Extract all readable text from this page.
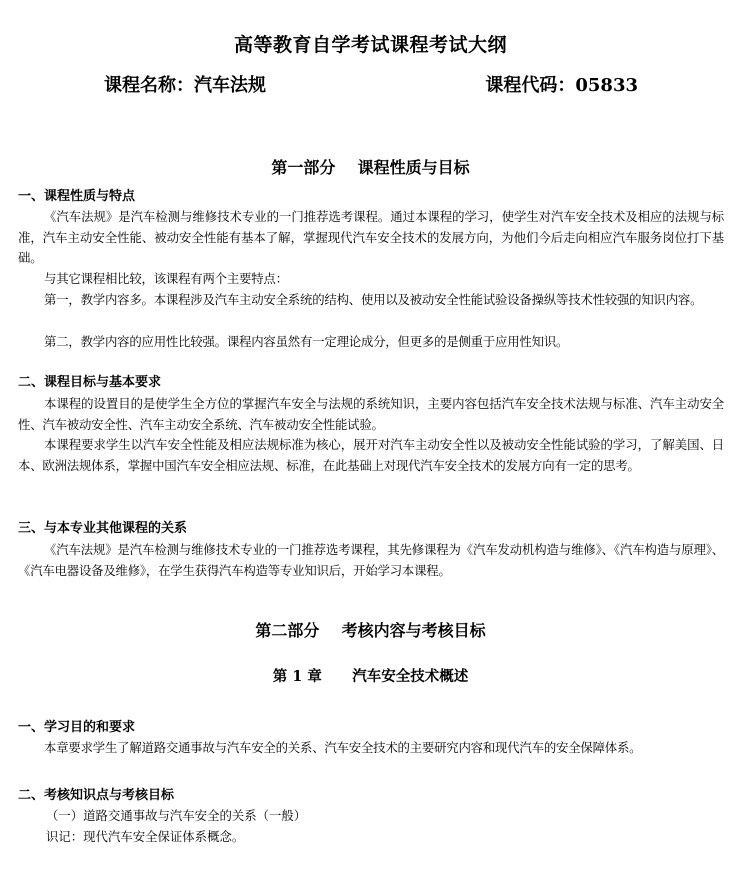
高等教育自学考试课程考试大纲
课程名称：汽车法规	课程代码：05833
第一部分    课程性质与目标
一、课程性质与特点
《汽车法规》是汽车检测与维修技术专业的一门推荐选考课程。通过本课程的学习，使学生对汽车安全技术及相应的法规与标准，汽车主动安全性能、被动安全性能有基本了解，掌握现代汽车安全技术的发展方向，为他们今后走向相应汽车服务岗位打下基础。
与其它课程相比较，该课程有两个主要特点：
第一，教学内容多。本课程涉及汽车主动安全系统的结构、使用以及被动安全性能试验设备操纵等技术性较强的知识内容。
第二，教学内容的应用性比较强。课程内容虽然有一定理论成分，但更多的是侧重于应用性知识。
二、课程目标与基本要求
本课程的设置目的是使学生全方位的掌握汽车安全与法规的系统知识，主要内容包括汽车安全技术法规与标准、汽车主动安全性、汽车被动安全性、汽车主动安全系统、汽车被动安全性能试验。
本课程要求学生以汽车安全性能及相应法规标准为核心，展开对汽车主动安全性以及被动安全性能试验的学习，了解美国、日本、欧洲法规体系，掌握中国汽车安全相应法规、标准，在此基础上对现代汽车安全技术的发展方向有一定的思考。
三、与本专业其他课程的关系
《汽车法规》是汽车检测与维修技术专业的一门推荐选考课程，其先修课程为《汽车发动机构造与维修》、《汽车构造与原理》、《汽车电器设备及维修》，在学生获得汽车构造等专业知识后，开始学习本课程。
第二部分    考核内容与考核目标
第 1 章      汽车安全技术概述
一、学习目的和要求
本章要求学生了解道路交通事故与汽车安全的关系、汽车安全技术的主要研究内容和现代汽车的安全保障体系。
二、考核知识点与考核目标
（一）道路交通事故与汽车安全的关系（一般）
识记：现代汽车安全保证体系概念。
